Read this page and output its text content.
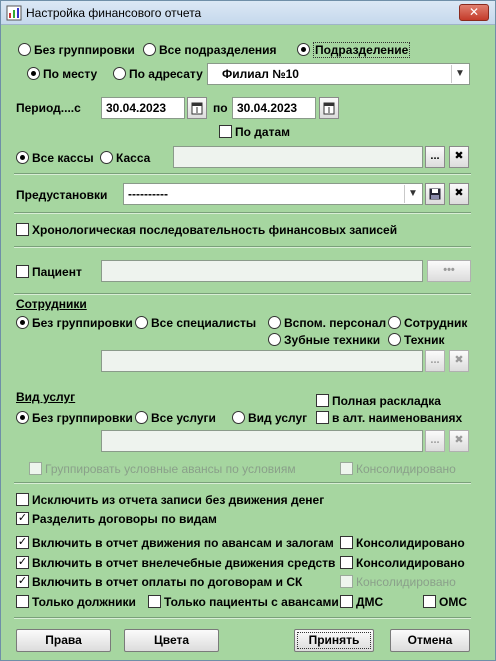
Настройка финансового отчета	✕
Без группировки Все подразделения	Подразделение
По месту	По адресату	Филиал №10	▼
Период....с	30.04.2023	по 30.04.2023
По датам
Все кассы Касса	...	✖
Предустановки	----------	▼	✖
Хронологическая последовательность финансовых записей
Пациент	•••
Сотрудники
Без группировки Все специалисты Вспом. персонал Сотрудник
Зубные техники Техник
...	✖
Вид услуг	Полная раскладка
Без группировки Все услуги	Вид услуг в алт. наименованиях
...	✖
Группировать условные авансы по условиям	Консолидировано
Исключить из отчета записи без движения денег
✓ Разделить договоры по видам
✓ Включить в отчет движения по авансам и залогам Консолидировано
✓ Включить в отчет внелечебные движения средств Консолидировано
✓ Включить в отчет оплаты по договорам и СК	Консолидировано
Только должники Только пациенты с авансами ДМС	ОМС
Права	Цвета	Принять	Отмена
